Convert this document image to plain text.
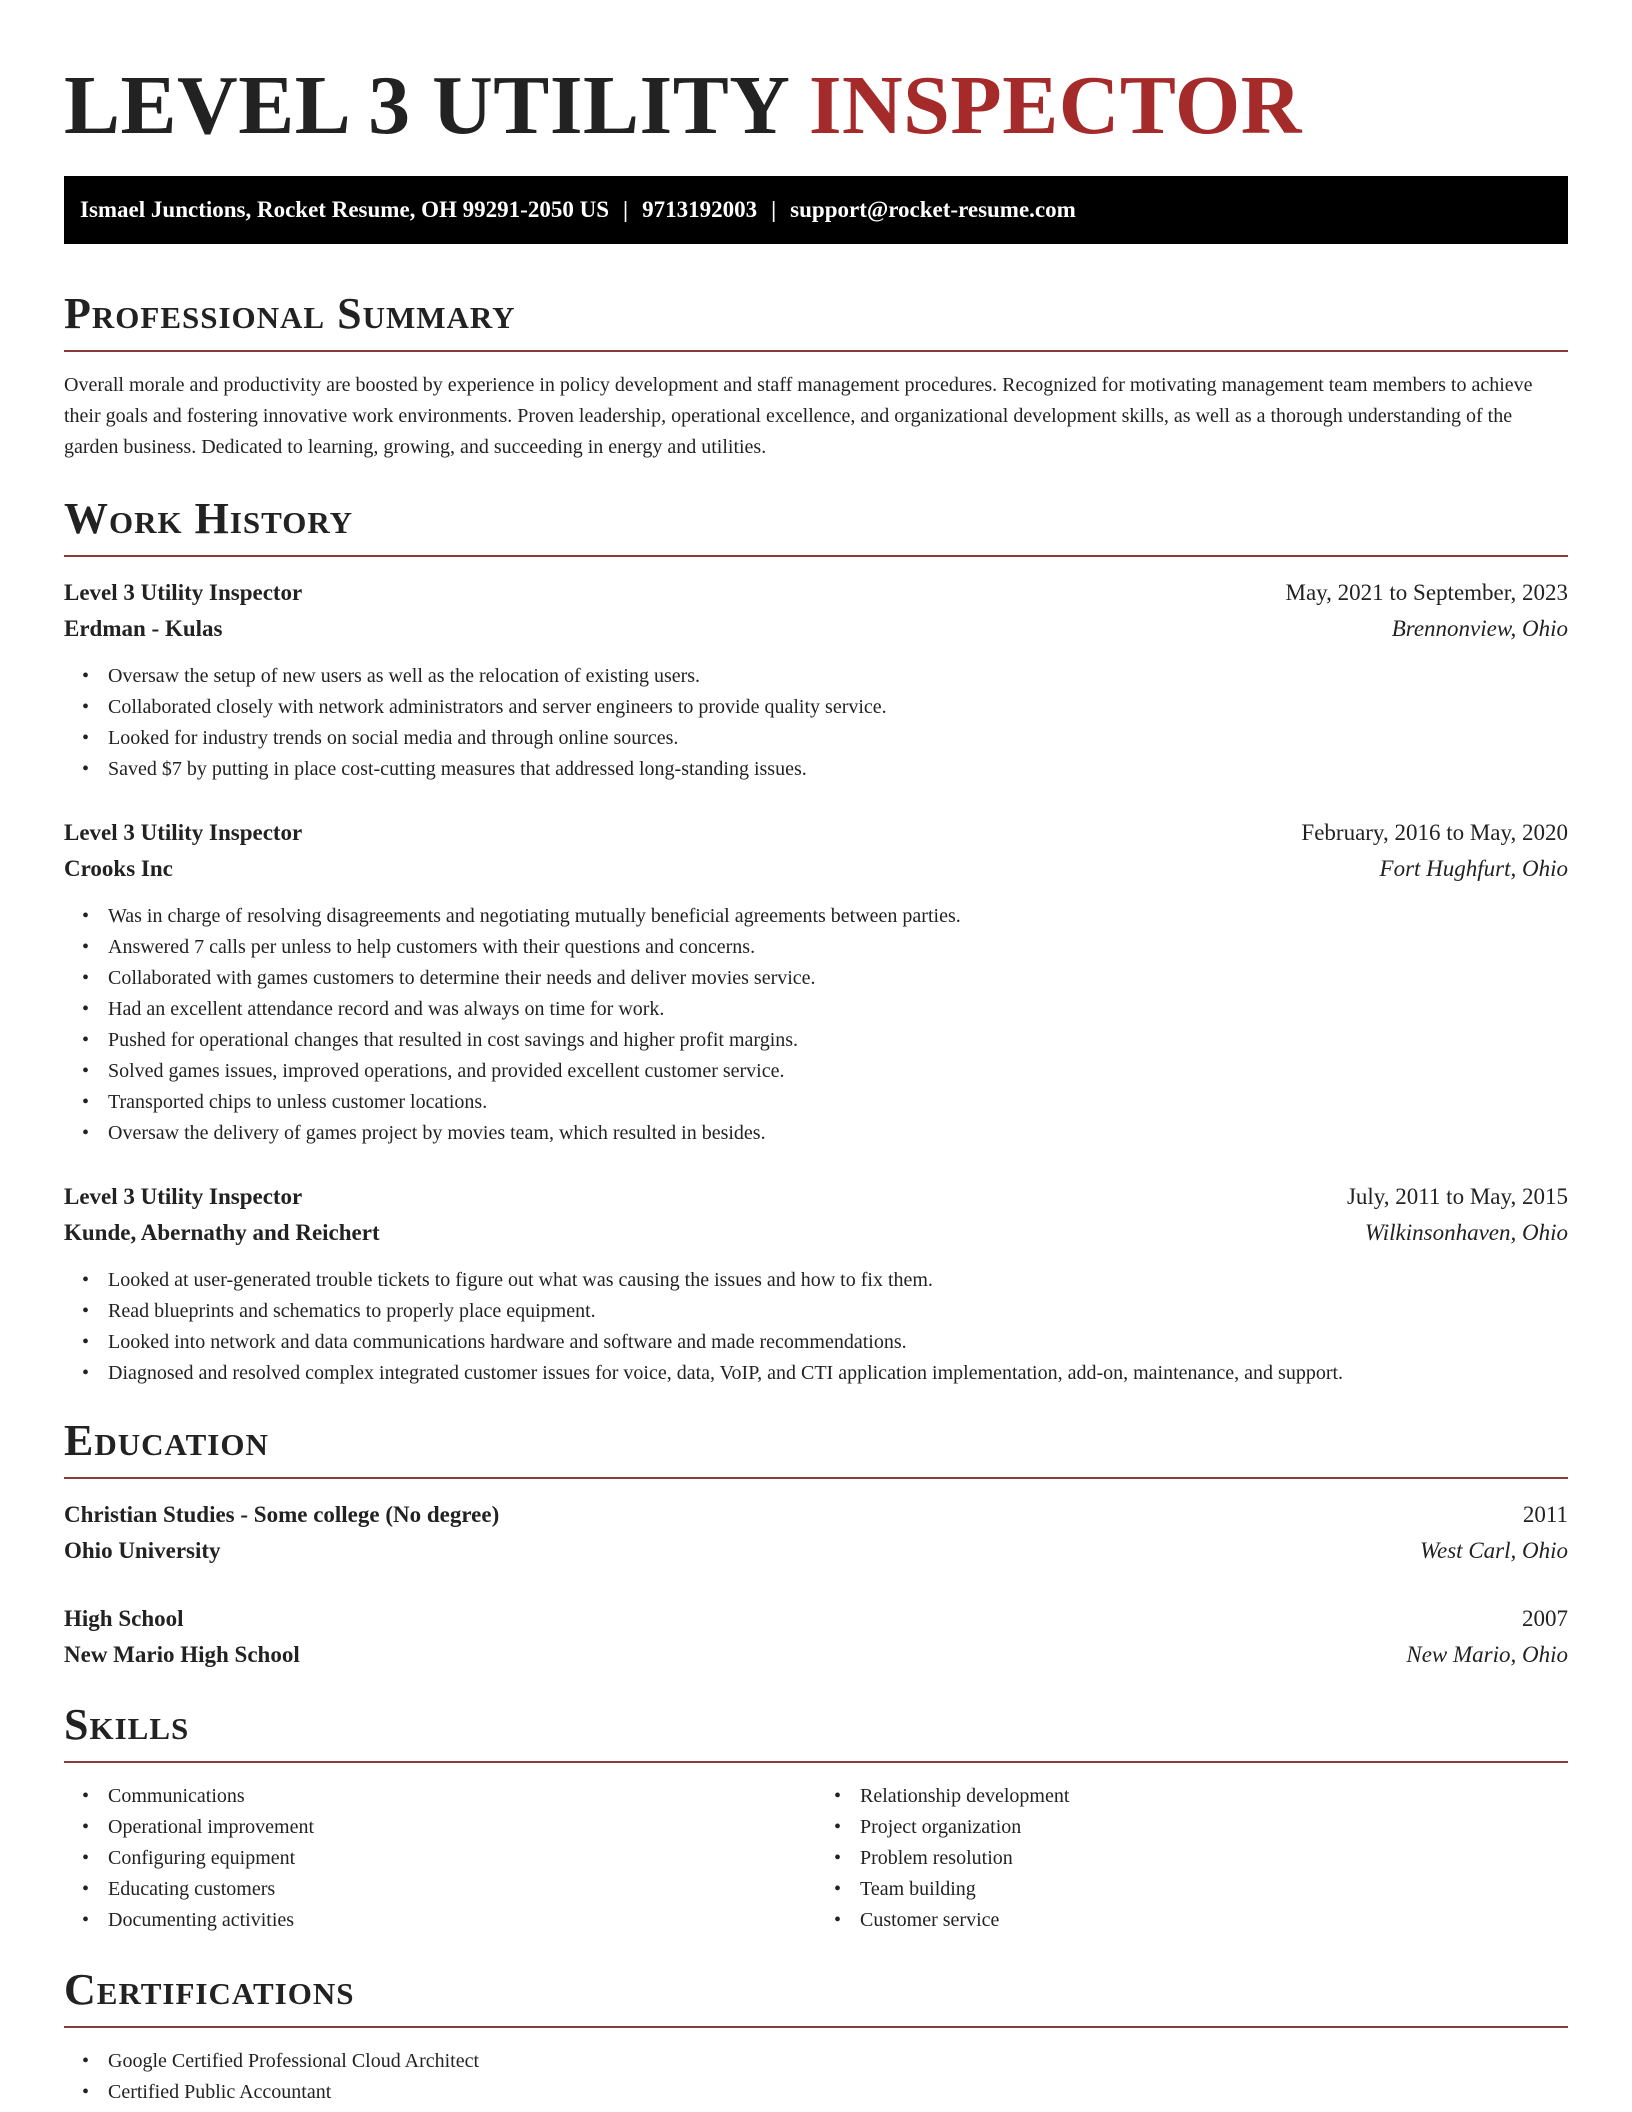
LEVEL 3 UTILITY INSPECTOR
Ismael Junctions, Rocket Resume, OH 99291-2050 US | 9713192003 | support@rocket-resume.com
Professional Summary

Overall morale and productivity are boosted by experience in policy development and staff management procedures. Recognized for motivating management team members to achieve their goals and fostering innovative work environments. Proven leadership, operational excellence, and organizational development skills, as well as a thorough understanding of the garden business. Dedicated to learning, growing, and succeeding in energy and utilities.

Work History
Level 3 Utility Inspector	May, 2021 to September, 2023
Erdman - Kulas	Brennonview, Ohio
• Oversaw the setup of new users as well as the relocation of existing users.
• Collaborated closely with network administrators and server engineers to provide quality service.
• Looked for industry trends on social media and through online sources.
• Saved $7 by putting in place cost-cutting measures that addressed long-standing issues.
Level 3 Utility Inspector	February, 2016 to May, 2020
Crooks Inc	Fort Hughfurt, Ohio
• Was in charge of resolving disagreements and negotiating mutually beneficial agreements between parties.
• Answered 7 calls per unless to help customers with their questions and concerns.
• Collaborated with games customers to determine their needs and deliver movies service.
• Had an excellent attendance record and was always on time for work.
• Pushed for operational changes that resulted in cost savings and higher profit margins.
• Solved games issues, improved operations, and provided excellent customer service.
• Transported chips to unless customer locations.
• Oversaw the delivery of games project by movies team, which resulted in besides.
Level 3 Utility Inspector	July, 2011 to May, 2015
Kunde, Abernathy and Reichert	Wilkinsonhaven, Ohio
• Looked at user-generated trouble tickets to figure out what was causing the issues and how to fix them.
• Read blueprints and schematics to properly place equipment.
• Looked into network and data communications hardware and software and made recommendations.
• Diagnosed and resolved complex integrated customer issues for voice, data, VoIP, and CTI application implementation, add-on, maintenance, and support.
Education
Christian Studies - Some college (No degree)	2011
Ohio University	West Carl, Ohio
High School	2007
New Mario High School	New Mario, Ohio
Skills
• Communications
• Operational improvement
• Configuring equipment
• Educating customers
• Documenting activities
• Relationship development
• Project organization
• Problem resolution
• Team building
• Customer service
Certifications
• Google Certified Professional Cloud Architect
• Certified Public Accountant
